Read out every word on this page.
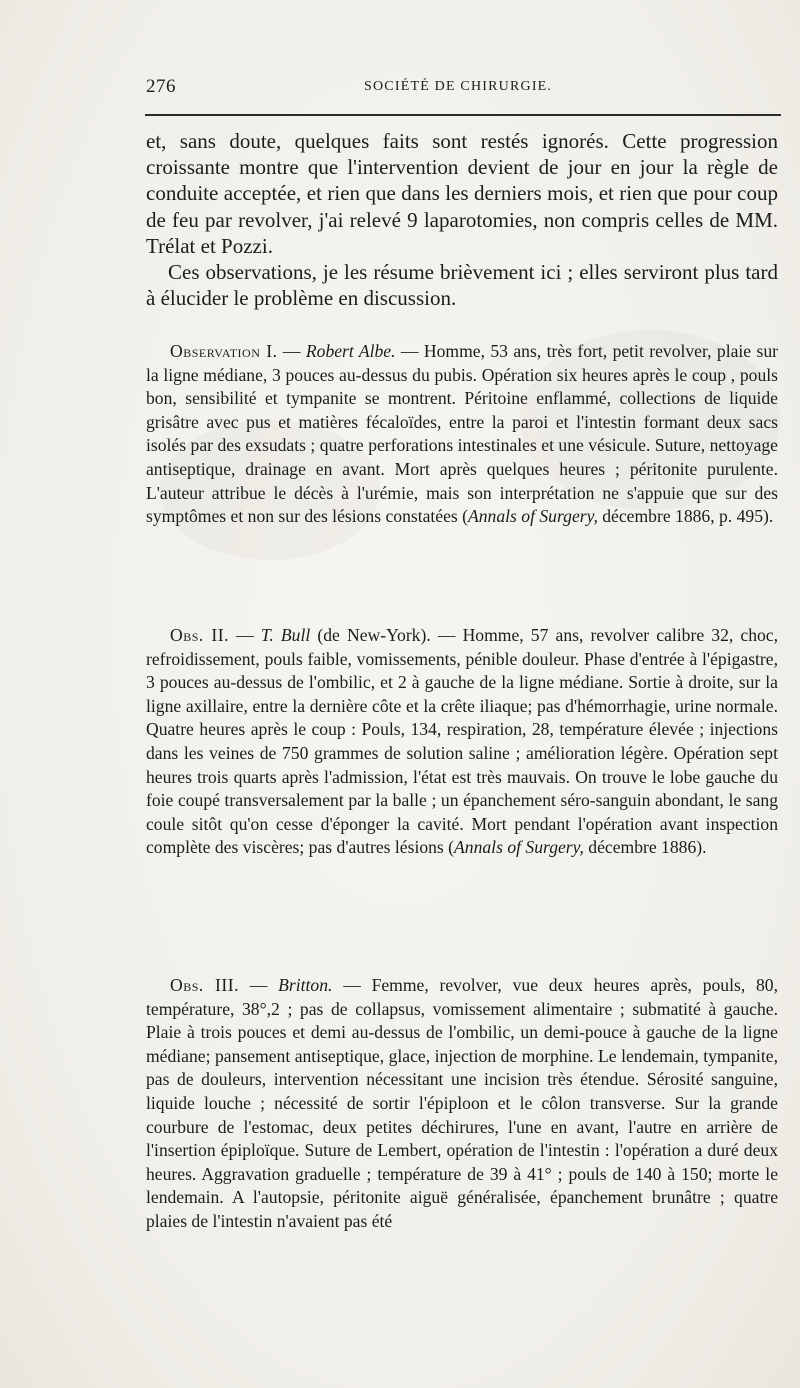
276	SOCIÉTÉ DE CHIRURGIE.

et, sans doute, quelques faits sont restés ignorés. Cette progression croissante montre que l'intervention devient de jour en jour la règle de conduite acceptée, et rien que dans les derniers mois, et rien que pour coup de feu par revolver, j'ai relevé 9 laparotomies, non compris celles de MM. Trélat et Pozzi.

Ces observations, je les résume brièvement ici ; elles serviront plus tard à élucider le problème en discussion.

Observation I. — Robert Albe. — Homme, 53 ans, très fort, petit revolver, plaie sur la ligne médiane, 3 pouces au-dessus du pubis. Opération six heures après le coup , pouls bon, sensibilité et tympanite se montrent. Péritoine enflammé, collections de liquide grisâtre avec pus et matières fécaloïdes, entre la paroi et l'intestin formant deux sacs isolés par des exsudats ; quatre perforations intestinales et une vésicule. Suture, nettoyage antiseptique, drainage en avant. Mort après quelques heures ; péritonite purulente. L'auteur attribue le décès à l'urémie, mais son interprétation ne s'appuie que sur des symptômes et non sur des lésions constatées (Annals of Surgery, décembre 1886, p. 495).

Obs. II. — T. Bull (de New-York). — Homme, 57 ans, revolver calibre 32, choc, refroidissement, pouls faible, vomissements, pénible douleur. Phase d'entrée à l'épigastre, 3 pouces au-dessus de l'ombilic, et 2 à gauche de la ligne médiane. Sortie à droite, sur la ligne axillaire, entre la dernière côte et la crête iliaque; pas d'hémorrhagie, urine normale. Quatre heures après le coup : Pouls, 134, respiration, 28, température élevée ; injections dans les veines de 750 grammes de solution saline ; amélioration légère. Opération sept heures trois quarts après l'admission, l'état est très mauvais. On trouve le lobe gauche du foie coupé transversalement par la balle ; un épanchement séro-sanguin abondant, le sang coule sitôt qu'on cesse d'éponger la cavité. Mort pendant l'opération avant inspection complète des viscères; pas d'autres lésions (Annals of Surgery, décembre 1886).

Obs. III. — Britton. — Femme, revolver, vue deux heures après, pouls, 80, température, 38°,2 ; pas de collapsus, vomissement alimentaire ; submatité à gauche. Plaie à trois pouces et demi au-dessus de l'ombilic, un demi-pouce à gauche de la ligne médiane; pansement antiseptique, glace, injection de morphine. Le lendemain, tympanite, pas de douleurs, intervention nécessitant une incision très étendue. Sérosité sanguine, liquide louche ; nécessité de sortir l'épiploon et le côlon transverse. Sur la grande courbure de l'estomac, deux petites déchirures, l'une en avant, l'autre en arrière de l'insertion épiploïque. Suture de Lembert, opération de l'intestin : l'opération a duré deux heures. Aggravation graduelle ; température de 39 à 41° ; pouls de 140 à 150; morte le lendemain. A l'autopsie, péritonite aiguë généralisée, épanchement brunâtre ; quatre plaies de l'intestin n'avaient pas été
